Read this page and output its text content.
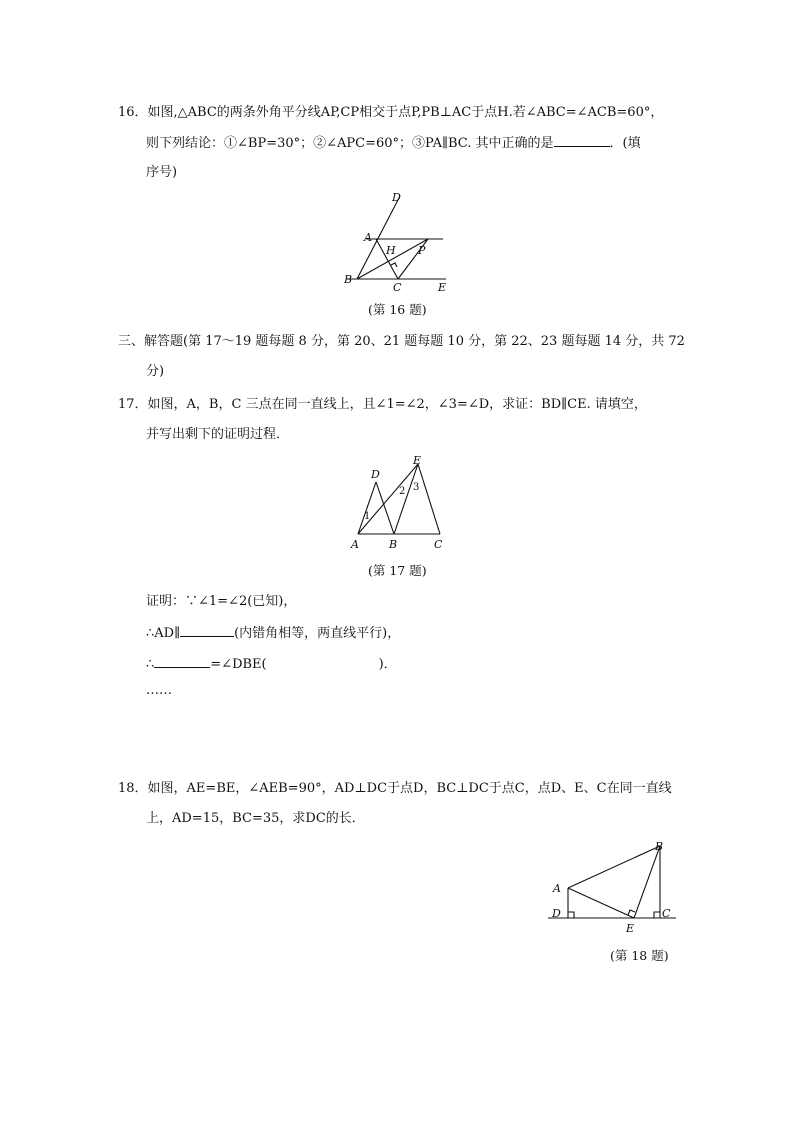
16．如图,△ABC的两条外角平分线AP,CP相交于点P,PB⊥AC于点H.若∠ABC=∠ACB=60°，
则下列结论：①∠BP=30°；②∠APC=60°；③PA∥BC. 其中正确的是	．(填
序号)
D
A
H P
B
C	E
(第 16 题)
三、解答题(第 17～19 题每题 8 分，第 20、21 题每题 10 分，第 22、23 题每题 14 分，共 72
分)
17．如图，A，B，C 三点在同一直线上，且∠1=∠2，∠3=∠D，求证：BD∥CE. 请填空，
并写出剩下的证明过程．
D
E
1
2 3
A	B	C
(第 17 题)
证明：∵∠1=∠2(已知)，
∴AD∥	(内错角相等，两直线平行)，
∴	=∠DBE(	)．
……
18．如图，AE=BE，∠AEB=90°，AD⊥DC于点D，BC⊥DC于点C，点D、E、C在同一直线
上，AD=15，BC=35，求DC的长．
B
A
D	C
E
(第 18 题)
